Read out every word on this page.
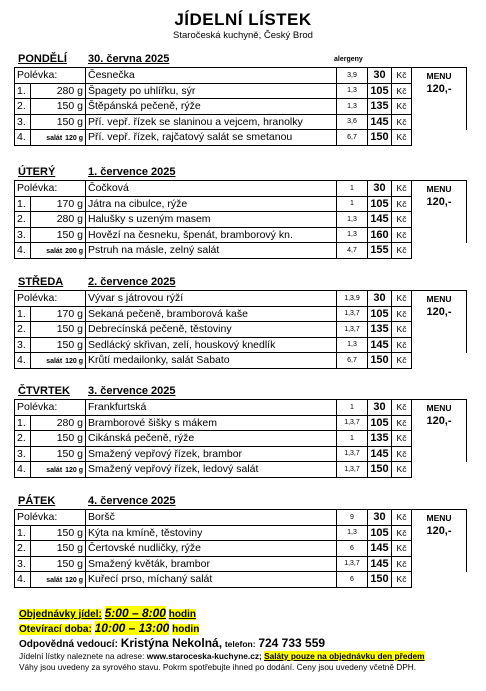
JÍDELNÍ LÍSTEK
Staročeská kuchyně, Český Brod
PONDĚLÍ 30. června 2025	alergeny
Polévka:		Česnečka	3,9	30	Kč	MENU
1.	280 g	Špagety po uhlířku, sýr	1,3	105	Kč	120,-
2.	150 g	Štěpánská pečeně, rýže	1,3	135	Kč	
3.	150 g	Pří. vepř. řízek se slaninou a vejcem, hranolky	3,6	145	Kč	
4.	salát 120 g	Pří. vepř. řízek, rajčatový salát se smetanou	6,7	150	Kč	
ÚTERÝ	1. července 2025
Polévka:		Čočková	1	30	Kč	MENU
1.	170 g	Játra na cibulce, rýže	1	105	Kč	120,-
2.	280 g	Halušky s uzeným masem	1,3	145	Kč	
3.	150 g	Hovězí na česneku, špenát, bramborový kn.	1,3	160	Kč	
4.	salát 200 g	Pstruh na másle, zelný salát	4,7	155	Kč	
STŘEDA 2. července 2025
Polévka:		Vývar s játrovou rýží	1,3,9	30	Kč	MENU
1.	170 g	Sekaná pečeně, bramborová kaše	1,3,7	105	Kč	120,-
2.	150 g	Debrecínská pečeně, těstoviny	1,3,7	135	Kč	
3.	150 g	Sedlácký skřivan, zelí, houskový knedlík	1,3	145	Kč	
4.	salát 120 g	Krůtí medailonky, salát Sabato	6,7	150	Kč	
ČTVRTEK 3. července 2025
Polévka:		Frankfurtská	1	30	Kč	MENU
1.	280 g	Bramborové šišky s mákem	1,3,7	105	Kč	120,-
2.	150 g	Cikánská pečeně, rýže	1	135	Kč	
3.	150 g	Smažený vepřový řízek, brambor	1,3,7	145	Kč	
4.	salát 120 g	Smažený vepřový řízek, ledový salát	1,3,7	150	Kč	
PÁTEK	4. července 2025
Polévka:		Boršč	9	30	Kč	MENU
1.	150 g	Kýta na kmíně, těstoviny	1,3	105	Kč	120,-
2.	150 g	Čertovské nudličky, rýže	6	145	Kč	
3.	150 g	Smažený květák, brambor	1,3,7	145	Kč	
4.	salát 120 g	Kuřecí prso, míchaný salát	6	150	Kč	
Objednávky jídel: 5:00 – 8:00 hodin
Otevírací doba: 10:00 – 13:00 hodin
Odpovědná vedoucí: Kristýna Nekolná, telefon: 724 733 559
Jídelní lístky naleznete na adrese: www.staroceska-kuchyne.cz; Saláty pouze na objednávku den předem
Váhy jsou uvedeny za syrového stavu. Pokrm spotřebujte ihned po dodání. Ceny jsou uvedeny včetně DPH.
